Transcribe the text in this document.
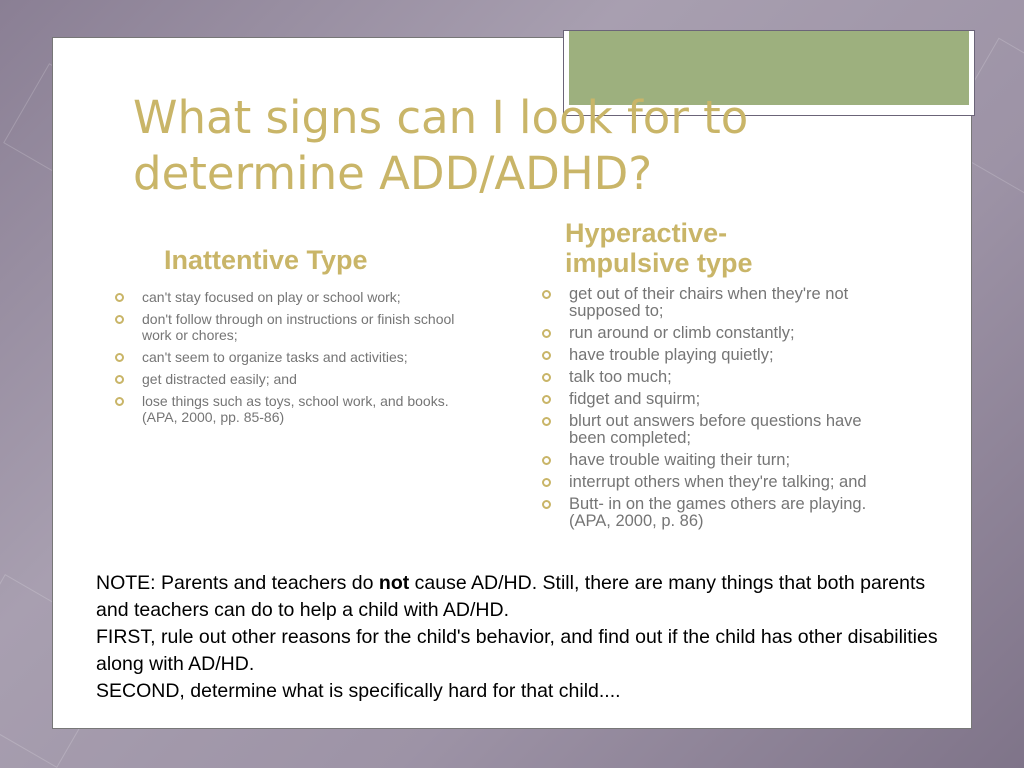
What signs can I look for to determine ADD/ADHD?
Inattentive Type
Hyperactive-
impulsive type
can't stay focused on play or school work;
don't follow through on instructions or finish school work or chores;
can't seem to organize tasks and activities;
get distracted easily; and
lose things such as toys, school work, and books. (APA, 2000, pp. 85-86)
get out of their chairs when they're not supposed to;
run around or climb constantly;
have trouble playing quietly;
talk too much;
fidget and squirm;
blurt out answers before questions have been completed;
have trouble waiting their turn;
interrupt others when they're talking; and
Butt- in on the games others are playing. (APA, 2000, p. 86)

NOTE: Parents and teachers do not cause AD/HD. Still, there are many things that both parents and teachers can do to help a child with AD/HD.

FIRST, rule out other reasons for the child's behavior, and find out if the child has other disabilities along with AD/HD.

SECOND, determine what is specifically hard for that child....
